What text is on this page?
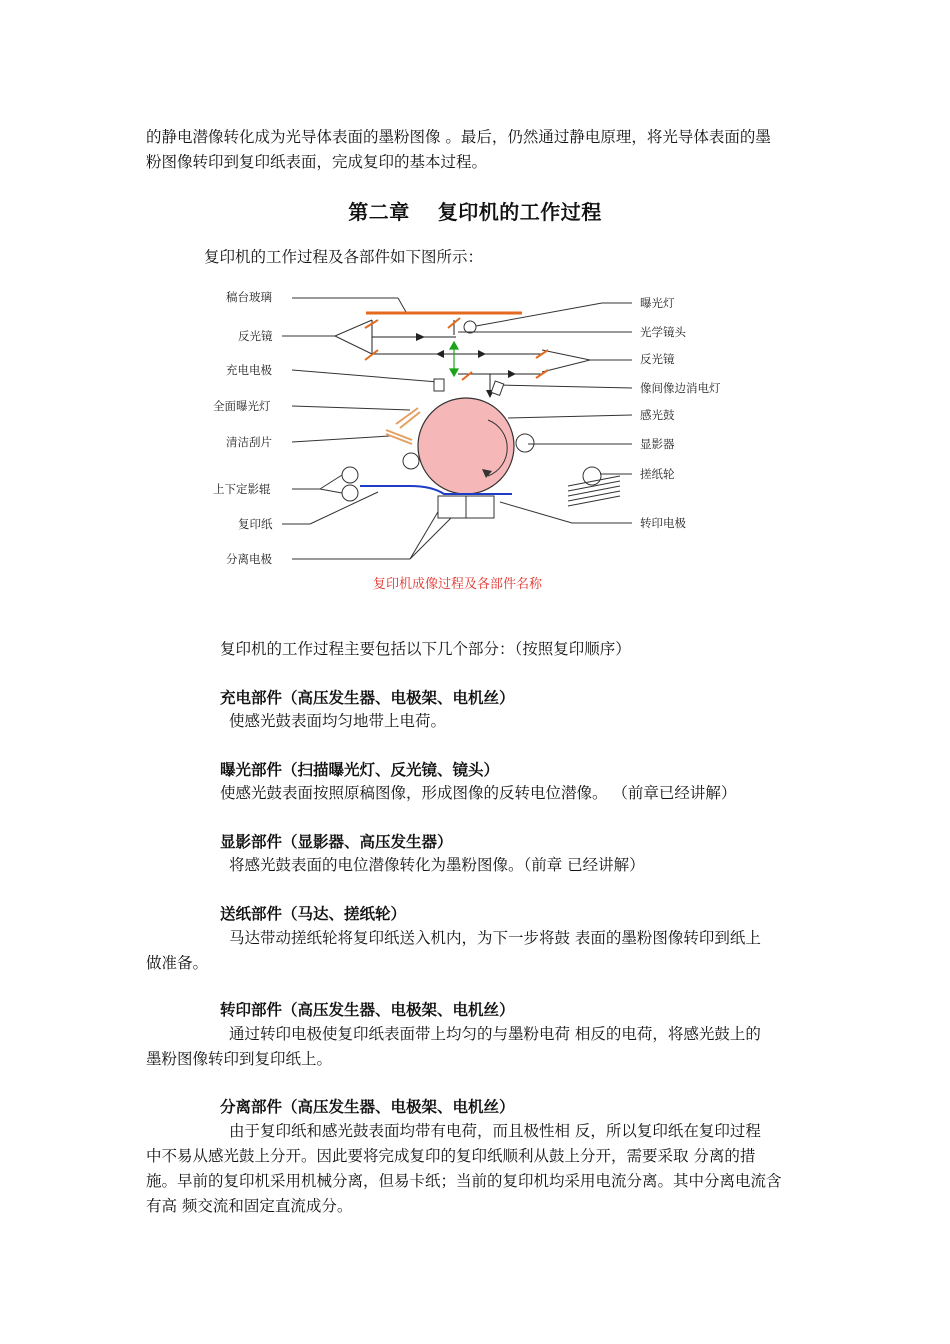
的静电潜像转化成为光导体表面的墨粉图像 。最后，仍然通过静电原理，将光导体表面的墨
粉图像转印到复印纸表面，完成复印的基本过程。
第二章 复印机的工作过程
复印机的工作过程及各部件如下图所示：
稿台玻璃
反光镜
充电电极
全面曝光灯
清洁刮片
上下定影辊
复印纸
分离电极
曝光灯
光学镜头
反光镜
像间像边消电灯
感光鼓
显影器
搓纸轮
转印电极
复印机成像过程及各部件名称
复印机的工作过程主要包括以下几个部分：（按照复印顺序）
充电部件（高压发生器、电极架、电机丝）
使感光鼓表面均匀地带上电荷。
曝光部件（扫描曝光灯、反光镜、镜头）
使感光鼓表面按照原稿图像，形成图像的反转电位潜像。 （前章已经讲解）
显影部件（显影器、高压发生器）
将感光鼓表面的电位潜像转化为墨粉图像。（前章 已经讲解）
送纸部件（马达、搓纸轮）
马达带动搓纸轮将复印纸送入机内，为下一步将鼓 表面的墨粉图像转印到纸上
做准备。
转印部件（高压发生器、电极架、电机丝）
通过转印电极使复印纸表面带上均匀的与墨粉电荷 相反的电荷，将感光鼓上的
墨粉图像转印到复印纸上。
分离部件（高压发生器、电极架、电机丝）
由于复印纸和感光鼓表面均带有电荷，而且极性相 反，所以复印纸在复印过程
中不易从感光鼓上分开。因此要将完成复印的复印纸顺利从鼓上分开，需要采取 分离的措
施。早前的复印机采用机械分离，但易卡纸；当前的复印机均采用电流分离。其中分离电流含
有高 频交流和固定直流成分。
